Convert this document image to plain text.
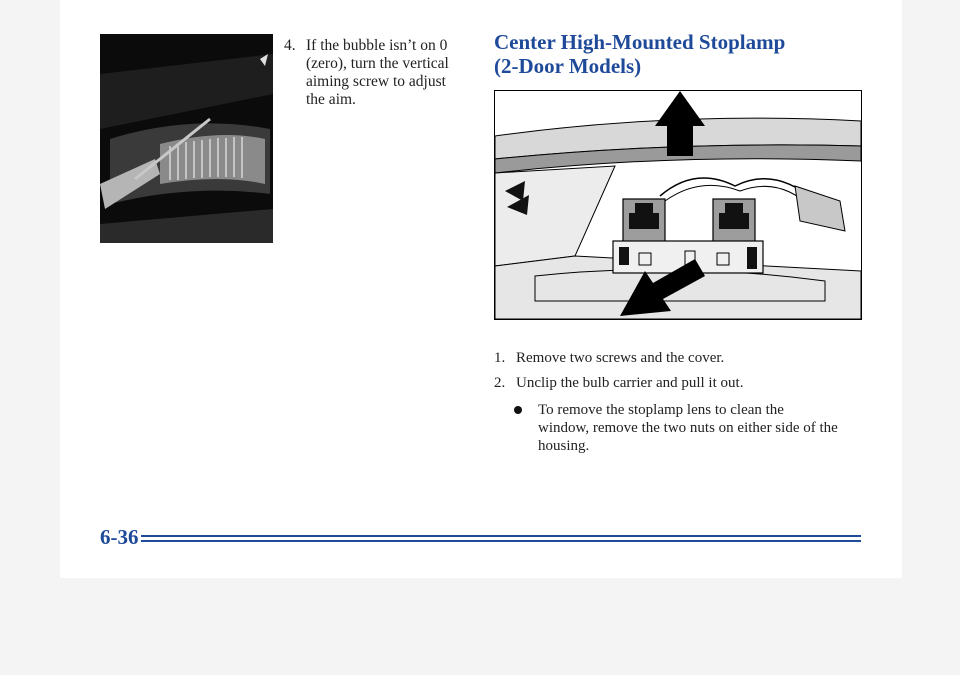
4. If the bubble isn’t on 0 (zero), turn the vertical aiming screw to adjust the aim.
Center High-Mounted Stoplamp
(2-Door Models)
1. Remove two screws and the cover.
2. Unclip the bulb carrier and pull it out.
To remove the stoplamp lens to clean the window, remove the two nuts on either side of the housing.
6-36
